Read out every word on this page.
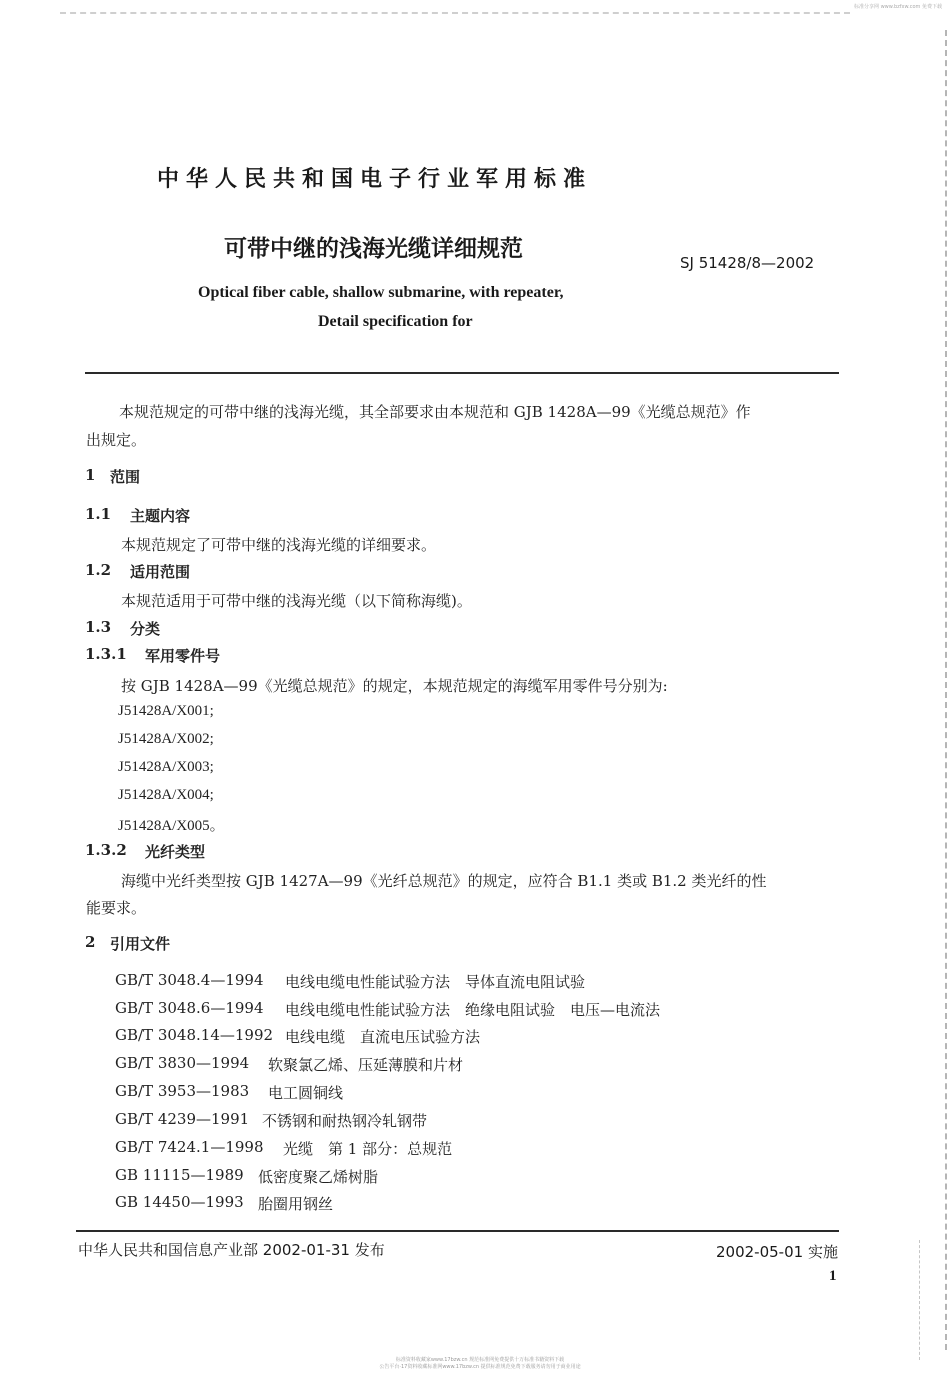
标准分享网 www.bzfxw.com 免费下载
中华人民共和国电子行业军用标准
可带中继的浅海光缆详细规范
SJ 51428/8—2002
Optical fiber cable, shallow submarine, with repeater,
Detail specification for
本规范规定的可带中继的浅海光缆，其全部要求由本规范和 GJB 1428A—99《光缆总规范》作
出规定。
1 范围
1.1 主题内容
本规范规定了可带中继的浅海光缆的详细要求。
1.2 适用范围
本规范适用于可带中继的浅海光缆（以下简称海缆)。
1.3 分类
1.3.1 军用零件号
按 GJB 1428A—99《光缆总规范》的规定，本规范规定的海缆军用零件号分别为:
J51428A/X001;
J51428A/X002;
J51428A/X003;
J51428A/X004;
J51428A/X005。
1.3.2 光纤类型
海缆中光纤类型按 GJB 1427A—99《光纤总规范》的规定，应符合 B1.1 类或 B1.2 类光纤的性
能要求。
2 引用文件
GB/T 3048.4—1994 电线电缆电性能试验方法　导体直流电阻试验
GB/T 3048.6—1994 电线电缆电性能试验方法　绝缘电阻试验　电压—电流法
GB/T 3048.14—1992 电线电缆　直流电压试验方法
GB/T 3830—1994 软聚氯乙烯、压延薄膜和片材
GB/T 3953—1983 电工圆铜线
GB/T 4239—1991 不锈钢和耐热钢冷轧钢带
GB/T 7424.1—1998 光缆　第 1 部分：总规范
GB 11115—1989 低密度聚乙烯树脂
GB 14450—1993 胎圈用钢丝
中华人民共和国信息产业部 2002-01-31 发布	2002-05-01 实施
1
标准资料收藏家www.17bzw.cn 规范标准网免费提供十万标准书籍资料下载
公告平台·17资料收藏标准网www.17bzw.cn 提供标准规范免费下载服务请勿用于商业用途
